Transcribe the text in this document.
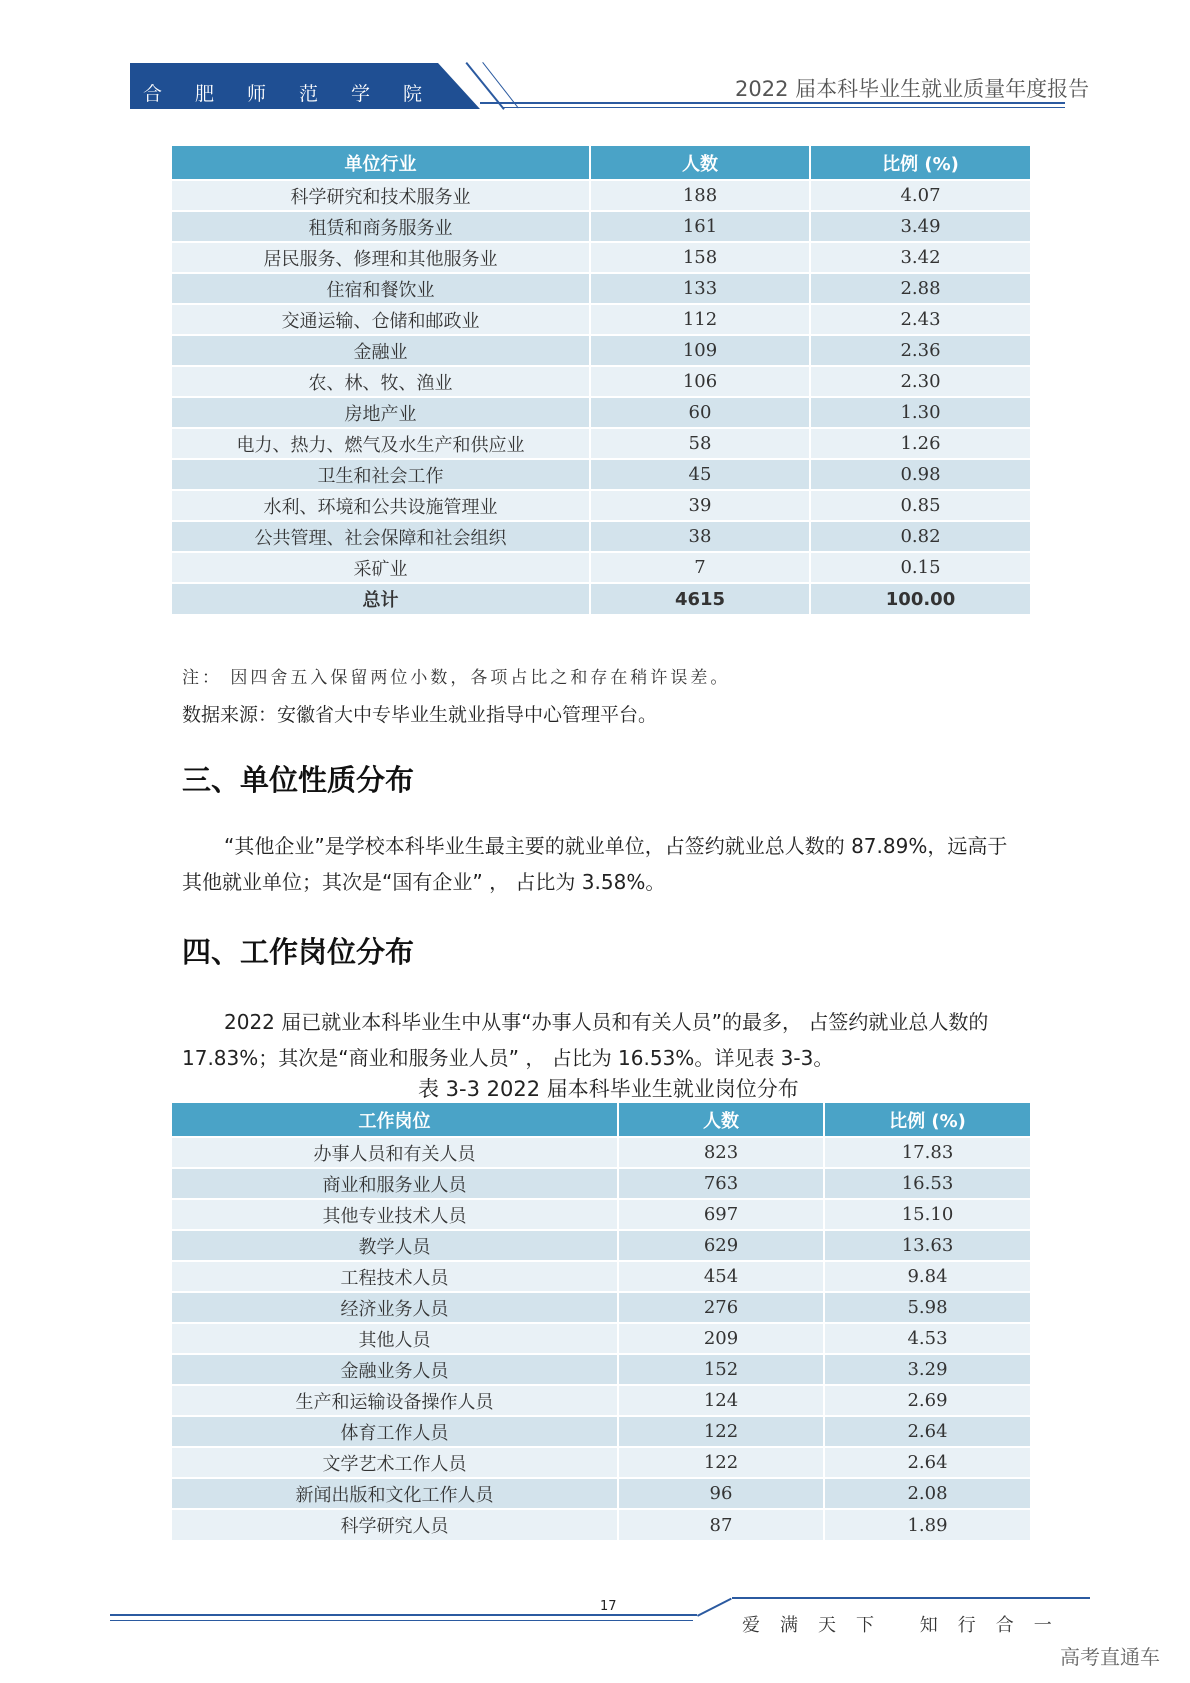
合肥师范学院	2022 届本科毕业生就业质量年度报告
单位行业	人数	比例 (%)
科学研究和技术服务业	188	4.07
租赁和商务服务业	161	3.49
居民服务、修理和其他服务业	158	3.42
住宿和餐饮业	133	2.88
交通运输、仓储和邮政业	112	2.43
金融业	109	2.36
农、林、牧、渔业	106	2.30
房地产业	60	1.30
电力、热力、燃气及水生产和供应业	58	1.26
卫生和社会工作	45	0.98
水利、环境和公共设施管理业	39	0.85
公共管理、社会保障和社会组织	38	0.82
采矿业	7	0.15
总计	4615	100.00
注： 因四舍五入保留两位小数，各项占比之和存在稍许误差。
数据来源：安徽省大中专毕业生就业指导中心管理平台。
三、单位性质分布

“其他企业”是学校本科毕业生最主要的就业单位，占签约就业总人数的 87.89%，远高于其他就业单位；其次是“国有企业” ， 占比为 3.58%。

四、工作岗位分布

2022 届已就业本科毕业生中从事“办事人员和有关人员”的最多， 占签约就业总人数的 17.83%；其次是“商业和服务业人员” ， 占比为 16.53%。详见表 3-3。

表 3-3 2022 届本科毕业生就业岗位分布
工作岗位	人数	比例 (%)
办事人员和有关人员	823	17.83
商业和服务业人员	763	16.53
其他专业技术人员	697	15.10
教学人员	629	13.63
工程技术人员	454	9.84
经济业务人员	276	5.98
其他人员	209	4.53
金融业务人员	152	3.29
生产和运输设备操作人员	124	2.69
体育工作人员	122	2.64
文学艺术工作人员	122	2.64
新闻出版和文化工作人员	96	2.08
科学研究人员	87	1.89
17
爱满天下 知行合一
高考直通车
